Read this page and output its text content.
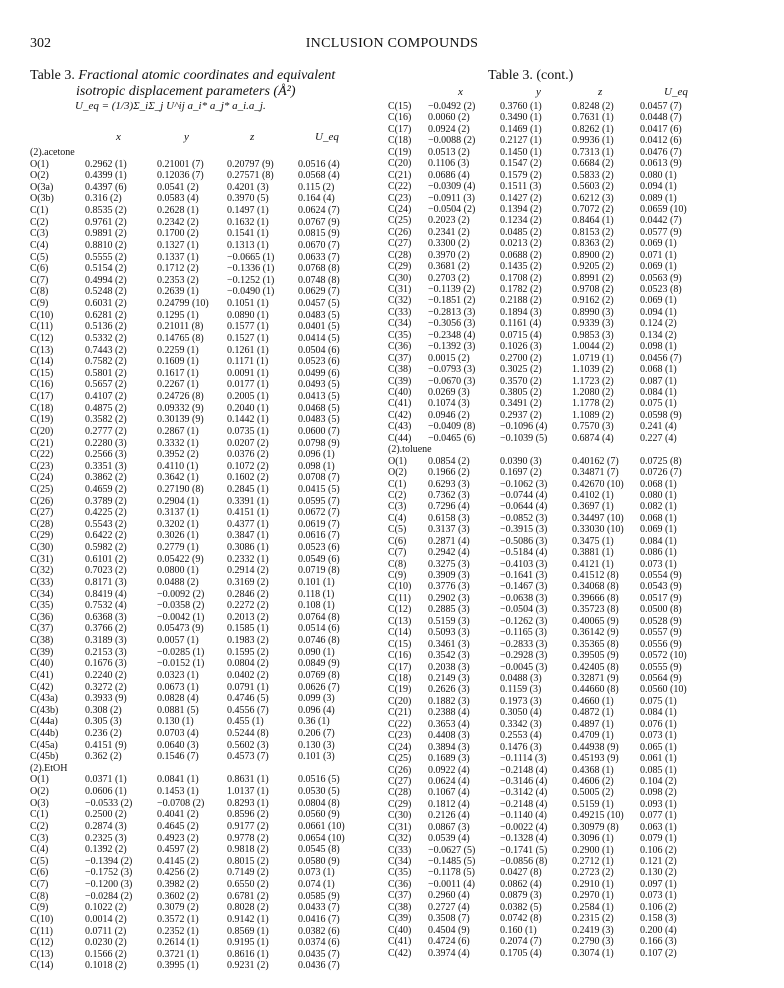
302	INCLUSION COMPOUNDS
Table 3. Fractional atomic coordinates and equivalent
isotropic displacement parameters (Å²)
U_eq = (1/3)Σ_iΣ_j U^ij a_i* a_j* a_i.a_j.
Table 3. (cont.)
x	y	z	U_eq
(2).acetone
O(1)	0.2962 (1)	0.21001 (7) 0.20797 (9) 0.0516 (4)
O(2)	0.4399 (1)	0.12036 (7) 0.27571 (8) 0.0568 (4)
O(3a)	0.4397 (6)	0.0541 (2)	0.4201 (3)	0.115 (2)
O(3b)	0.316 (2)	0.0583 (4)	0.3970 (5)	0.164 (4)
C(1)	0.8535 (2)	0.2628 (1)	0.1497 (1)	0.0624 (7)
C(2)	0.9761 (2)	0.2342 (2)	0.1632 (1)	0.0767 (9)
C(3)	0.9891 (2)	0.1700 (2)	0.1541 (1)	0.0815 (9)
C(4)	0.8810 (2)	0.1327 (1)	0.1313 (1)	0.0670 (7)
C(5)	0.5555 (2)	0.1337 (1)	−0.0665 (1) 0.0633 (7)
C(6)	0.5154 (2)	0.1712 (2)	−0.1336 (1) 0.0768 (8)
C(7)	0.4994 (2)	0.2353 (2)	−0.1252 (1) 0.0748 (8)
C(8)	0.5248 (2)	0.2639 (1)	−0.0490 (1) 0.0629 (7)
C(9)	0.6031 (2)	0.24799 (10) 0.1051 (1)	0.0457 (5)
C(10)	0.6281 (2)	0.1295 (1)	0.0890 (1)	0.0483 (5)
C(11)	0.5136 (2)	0.21011 (8) 0.1577 (1)	0.0401 (5)
C(12)	0.5332 (2)	0.14765 (8) 0.1527 (1)	0.0414 (5)
C(13)	0.7443 (2)	0.2259 (1)	0.1261 (1)	0.0504 (6)
C(14)	0.7582 (2)	0.1609 (1)	0.1171 (1)	0.0523 (6)
C(15)	0.5801 (2)	0.1617 (1)	0.0091 (1)	0.0499 (6)
C(16)	0.5657 (2)	0.2267 (1)	0.0177 (1)	0.0493 (5)
C(17)	0.4107 (2)	0.24726 (8) 0.2005 (1)	0.0413 (5)
C(18)	0.4875 (2)	0.09332 (9) 0.2040 (1)	0.0468 (5)
C(19)	0.3582 (2)	0.30139 (9) 0.1442 (1)	0.0483 (5)
C(20)	0.2777 (2)	0.2867 (1)	0.0735 (1)	0.0600 (7)
C(21)	0.2280 (3)	0.3332 (1)	0.0207 (2)	0.0798 (9)
C(22)	0.2566 (3)	0.3952 (2)	0.0376 (2)	0.096 (1)
C(23)	0.3351 (3)	0.4110 (1)	0.1072 (2)	0.098 (1)
C(24)	0.3862 (2)	0.3642 (1)	0.1602 (2)	0.0708 (7)
C(25)	0.4659 (2)	0.27190 (8) 0.2845 (1)	0.0415 (5)
C(26)	0.3789 (2)	0.2904 (1)	0.3391 (1)	0.0595 (7)
C(27)	0.4225 (2)	0.3137 (1)	0.4151 (1)	0.0672 (7)
C(28)	0.5543 (2)	0.3202 (1)	0.4377 (1)	0.0619 (7)
C(29)	0.6422 (2)	0.3026 (1)	0.3847 (1)	0.0616 (7)
C(30)	0.5982 (2)	0.2779 (1)	0.3086 (1)	0.0523 (6)
C(31)	0.6101 (2)	0.05422 (9) 0.2332 (1)	0.0549 (6)
C(32)	0.7023 (2)	0.0800 (1)	0.2914 (2)	0.0719 (8)
C(33)	0.8171 (3)	0.0488 (2)	0.3169 (2)	0.101 (1)
C(34)	0.8419 (4)	−0.0092 (2) 0.2846 (2)	0.118 (1)
C(35)	0.7532 (4)	−0.0358 (2) 0.2272 (2)	0.108 (1)
C(36)	0.6368 (3)	−0.0042 (1) 0.2013 (2)	0.0764 (8)
C(37)	0.3766 (2)	0.05473 (9) 0.1585 (1)	0.0514 (6)
C(38)	0.3189 (3)	0.0057 (1)	0.1983 (2)	0.0746 (8)
C(39)	0.2153 (3)	−0.0285 (1) 0.1595 (2)	0.090 (1)
C(40)	0.1676 (3)	−0.0152 (1) 0.0804 (2)	0.0849 (9)
C(41)	0.2240 (2)	0.0323 (1)	0.0402 (2)	0.0769 (8)
C(42)	0.3272 (2)	0.0673 (1)	0.0791 (1)	0.0626 (7)
C(43a)	0.3933 (9)	0.0828 (4)	0.4746 (5)	0.099 (3)
C(43b)	0.308 (2)	0.0881 (5)	0.4556 (7)	0.096 (4)
C(44a)	0.305 (3)	0.130 (1)	0.455 (1)	0.36 (1)
C(44b)	0.236 (2)	0.0703 (4)	0.5244 (8)	0.206 (7)
C(45a)	0.4151 (9)	0.0640 (3)	0.5602 (3)	0.130 (3)
C(45b)	0.362 (2)	0.1546 (7)	0.4573 (7)	0.101 (3)
(2).EtOH
O(1)	0.0371 (1)	0.0841 (1)	0.8631 (1)	0.0516 (5)
O(2)	0.0606 (1)	0.1453 (1)	1.0137 (1)	0.0530 (5)
O(3)	−0.0533 (2) −0.0708 (2) 0.8293 (1)	0.0804 (8)
C(1)	0.2500 (2)	0.4041 (2)	0.8596 (2)	0.0560 (9)
C(2)	0.2874 (3)	0.4645 (2)	0.9177 (2)	0.0661 (10)
C(3)	0.2325 (3)	0.4923 (2)	0.9778 (2)	0.0654 (10)
C(4)	0.1392 (2)	0.4597 (2)	0.9818 (2)	0.0545 (8)
C(5)	−0.1394 (2) 0.4145 (2)	0.8015 (2)	0.0580 (9)
C(6)	−0.1752 (3) 0.4256 (2)	0.7149 (2)	0.073 (1)
C(7)	−0.1200 (3) 0.3982 (2)	0.6550 (2)	0.074 (1)
C(8)	−0.0284 (2) 0.3602 (2)	0.6781 (2)	0.0585 (9)
C(9)	0.1022 (2)	0.3079 (2)	0.8028 (2)	0.0433 (7)
C(10)	0.0014 (2)	0.3572 (1)	0.9142 (1)	0.0416 (7)
C(11)	0.0711 (2)	0.2352 (1)	0.8569 (1)	0.0382 (6)
C(12)	0.0230 (2)	0.2614 (1)	0.9195 (1)	0.0374 (6)
C(13)	0.1566 (2)	0.3721 (1)	0.8616 (1)	0.0435 (7)
C(14)	0.1018 (2)	0.3995 (1)	0.9231 (2)	0.0436 (7)
x	y	z	U_eq
C(15) −0.0492 (2) 0.3760 (1)	0.8248 (2)	0.0457 (7)
C(16) 0.0060 (2)	0.3490 (1)	0.7631 (1)	0.0448 (7)
C(17) 0.0924 (2)	0.1469 (1)	0.8262 (1)	0.0417 (6)
C(18) −0.0088 (2) 0.2127 (1)	0.9936 (1)	0.0412 (6)
C(19) 0.0513 (2)	0.1450 (1)	0.7313 (1)	0.0476 (7)
C(20) 0.1106 (3)	0.1547 (2)	0.6684 (2)	0.0613 (9)
C(21) 0.0686 (4)	0.1579 (2)	0.5833 (2)	0.080 (1)
C(22) −0.0309 (4) 0.1511 (3)	0.5603 (2)	0.094 (1)
C(23) −0.0911 (3)	0.1427 (2)	0.6212 (3)	0.089 (1)
C(24) −0.0504 (2) 0.1394 (2)	0.7072 (2)	0.0659 (10)
C(25) 0.2023 (2)	0.1234 (2)	0.8464 (1)	0.0442 (7)
C(26) 0.2341 (2)	0.0485 (2)	0.8153 (2)	0.0577 (9)
C(27) 0.3300 (2)	0.0213 (2)	0.8363 (2)	0.069 (1)
C(28) 0.3970 (2)	0.0688 (2)	0.8900 (2)	0.071 (1)
C(29) 0.3681 (2)	0.1435 (2)	0.9205 (2)	0.069 (1)
C(30) 0.2703 (2)	0.1708 (2)	0.8991 (2)	0.0563 (9)
C(31) −0.1139 (2)	0.1782 (2)	0.9708 (2)	0.0523 (8)
C(32) −0.1851 (2) 0.2188 (2)	0.9162 (2)	0.069 (1)
C(33) −0.2813 (3) 0.1894 (3)	0.8990 (3)	0.094 (1)
C(34) −0.3056 (3) 0.1161 (4)	0.9339 (3)	0.124 (2)
C(35) −0.2348 (4) 0.0715 (4)	0.9853 (3)	0.134 (2)
C(36) −0.1392 (3) 0.1026 (3)	1.0044 (2)	0.098 (1)
C(37) 0.0015 (2)	0.2700 (2)	1.0719 (1)	0.0456 (7)
C(38) −0.0793 (3) 0.3025 (2)	1.1039 (2)	0.068 (1)
C(39) −0.0670 (3) 0.3570 (2)	1.1723 (2)	0.087 (1)
C(40) 0.0269 (3)	0.3805 (2)	1.2080 (2)	0.084 (1)
C(41) 0.1074 (3)	0.3491 (2)	1.1778 (2)	0.075 (1)
C(42) 0.0946 (2)	0.2937 (2)	1.1089 (2)	0.0598 (9)
C(43) −0.0409 (8) −0.1096 (4) 0.7570 (3)	0.241 (4)
C(44) −0.0465 (6) −0.1039 (5) 0.6874 (4)	0.227 (4)
(2).toluene
O(1) 0.0854 (2)	0.0390 (3)	0.40162 (7) 0.0725 (8)
O(2) 0.1966 (2)	0.1697 (2)	0.34871 (7) 0.0726 (7)
C(1) 0.6293 (3)	−0.1062 (3) 0.42670 (10) 0.068 (1)
C(2) 0.7362 (3)	−0.0744 (4) 0.4102 (1)	0.080 (1)
C(3) 0.7296 (4)	−0.0644 (4) 0.3697 (1)	0.082 (1)
C(4) 0.6158 (3)	−0.0852 (3) 0.34497 (10) 0.068 (1)
C(5) 0.3137 (3)	−0.3915 (3) 0.33030 (10) 0.069 (1)
C(6) 0.2871 (4)	−0.5086 (3) 0.3475 (1)	0.084 (1)
C(7) 0.2942 (4)	−0.5184 (4) 0.3881 (1)	0.086 (1)
C(8) 0.3275 (3)	−0.4103 (3) 0.4121 (1)	0.073 (1)
C(9) 0.3909 (3)	−0.1641 (3) 0.41512 (8) 0.0554 (9)
C(10) 0.3776 (3)	−0.1467 (3) 0.34068 (8) 0.0543 (9)
C(11) 0.2902 (3)	−0.0638 (3) 0.39666 (8) 0.0517 (9)
C(12) 0.2885 (3)	−0.0504 (3) 0.35723 (8) 0.0500 (8)
C(13) 0.5159 (3)	−0.1262 (3) 0.40065 (9) 0.0528 (9)
C(14) 0.5093 (3)	−0.1165 (3)	0.36142 (9) 0.0557 (9)
C(15) 0.3461 (3)	−0.2833 (3) 0.35365 (8) 0.0556 (9)
C(16) 0.3542 (3)	−0.2928 (3) 0.39505 (9) 0.0572 (10)
C(17) 0.2038 (3)	−0.0045 (3) 0.42405 (8) 0.0555 (9)
C(18) 0.2149 (3)	0.0488 (3)	0.32871 (9) 0.0564 (9)
C(19) 0.2626 (3)	0.1159 (3)	0.44660 (8) 0.0560 (10)
C(20) 0.1882 (3)	0.1973 (3)	0.4660 (1)	0.075 (1)
C(21) 0.2388 (4)	0.3050 (4)	0.4872 (1)	0.084 (1)
C(22) 0.3653 (4)	0.3342 (3)	0.4897 (1)	0.076 (1)
C(23) 0.4408 (3)	0.2553 (4)	0.4709 (1)	0.073 (1)
C(24) 0.3894 (3)	0.1476 (3)	0.44938 (9) 0.065 (1)
C(25) 0.1689 (3)	−0.1114 (3)	0.45193 (9) 0.061 (1)
C(26) 0.0922 (4)	−0.2148 (4) 0.4368 (1)	0.085 (1)
C(27) 0.0624 (4)	−0.3146 (4) 0.4606 (2)	0.104 (2)
C(28) 0.1067 (4)	−0.3142 (4) 0.5005 (2)	0.098 (2)
C(29) 0.1812 (4)	−0.2148 (4) 0.5159 (1)	0.093 (1)
C(30) 0.2126 (4)	−0.1140 (4)	0.49215 (10) 0.077 (1)
C(31) 0.0867 (3)	−0.0022 (4) 0.30979 (8) 0.063 (1)
C(32) 0.0539 (4)	−0.1328 (4) 0.3096 (1)	0.079 (1)
C(33) −0.0627 (5) −0.1741 (5) 0.2900 (1)	0.106 (2)
C(34) −0.1485 (5) −0.0856 (8) 0.2712 (1)	0.121 (2)
C(35) −0.1178 (5)	0.0427 (8)	0.2723 (2)	0.130 (2)
C(36) −0.0011 (4)	0.0862 (4)	0.2910 (1)	0.097 (1)
C(37) 0.2960 (4)	0.0879 (3)	0.2970 (1)	0.073 (1)
C(38) 0.2727 (4)	0.0382 (5)	0.2584 (1)	0.106 (2)
C(39) 0.3508 (7)	0.0742 (8)	0.2315 (2)	0.158 (3)
C(40) 0.4504 (9)	0.160 (1)	0.2419 (3)	0.200 (4)
C(41) 0.4724 (6)	0.2074 (7)	0.2790 (3)	0.166 (3)
C(42) 0.3974 (4)	0.1705 (4)	0.3074 (1)	0.107 (2)
